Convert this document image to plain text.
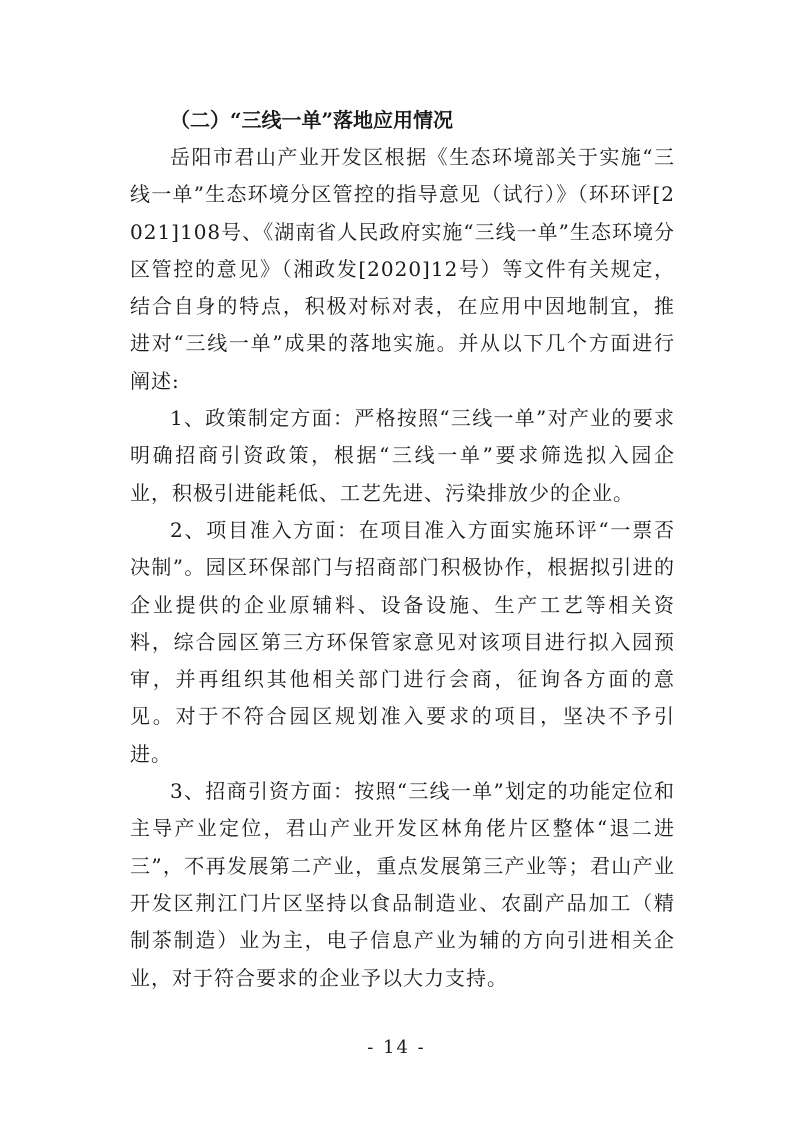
（二）“三线一单”落地应用情况

岳阳市君山产业开发区根据《生态环境部关于实施“三线一单”生态环境分区管控的指导意见（试行）》（环环评[2021]108号、《湖南省人民政府实施“三线一单”生态环境分区管控的意见》（湘政发[2020]12号）等文件有关规定，结合自身的特点，积极对标对表，在应用中因地制宜，推进对“三线一单”成果的落地实施。并从以下几个方面进行阐述:

1、政策制定方面：严格按照“三线一单”对产业的要求明确招商引资政策，根据“三线一单”要求筛选拟入园企业，积极引进能耗低、工艺先进、污染排放少的企业。

2、项目准入方面：在项目准入方面实施环评“一票否决制”。园区环保部门与招商部门积极协作，根据拟引进的企业提供的企业原辅料、设备设施、生产工艺等相关资料，综合园区第三方环保管家意见对该项目进行拟入园预审，并再组织其他相关部门进行会商，征询各方面的意见。对于不符合园区规划准入要求的项目，坚决不予引进。

3、招商引资方面：按照“三线一单”划定的功能定位和主导产业定位，君山产业开发区林角佬片区整体“退二进三”，不再发展第二产业，重点发展第三产业等；君山产业开发区荆江门片区坚持以食品制造业、农副产品加工（精制茶制造）业为主，电子信息产业为辅的方向引进相关企业，对于符合要求的企业予以大力支持。

- 14 -
